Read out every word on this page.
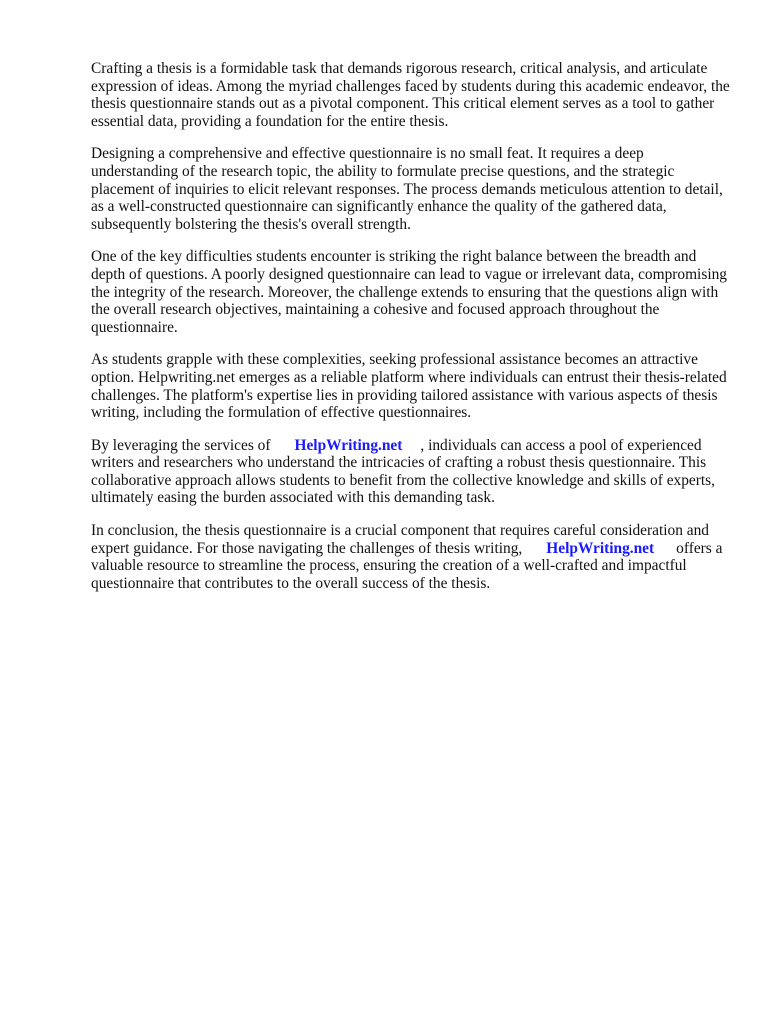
Crafting a thesis is a formidable task that demands rigorous research, critical analysis, and articulate expression of ideas. Among the myriad challenges faced by students during this academic endeavor, the thesis questionnaire stands out as a pivotal component. This critical element serves as a tool to gather essential data, providing a foundation for the entire thesis.

Designing a comprehensive and effective questionnaire is no small feat. It requires a deep understanding of the research topic, the ability to formulate precise questions, and the strategic placement of inquiries to elicit relevant responses. The process demands meticulous attention to detail, as a well-constructed questionnaire can significantly enhance the quality of the gathered data, subsequently bolstering the thesis's overall strength.

One of the key difficulties students encounter is striking the right balance between the breadth and depth of questions. A poorly designed questionnaire can lead to vague or irrelevant data, compromising the integrity of the research. Moreover, the challenge extends to ensuring that the questions align with the overall research objectives, maintaining a cohesive and focused approach throughout the questionnaire.

As students grapple with these complexities, seeking professional assistance becomes an attractive option. Helpwriting.net emerges as a reliable platform where individuals can entrust their thesis-related challenges. The platform's expertise lies in providing tailored assistance with various aspects of thesis writing, including the formulation of effective questionnaires.

By leveraging the services of HelpWriting.net , individuals can access a pool of experienced writers and researchers who understand the intricacies of crafting a robust thesis questionnaire. This collaborative approach allows students to benefit from the collective knowledge and skills of experts, ultimately easing the burden associated with this demanding task.

In conclusion, the thesis questionnaire is a crucial component that requires careful consideration and expert guidance. For those navigating the challenges of thesis writing, HelpWriting.net offers a valuable resource to streamline the process, ensuring the creation of a well-crafted and impactful questionnaire that contributes to the overall success of the thesis.
